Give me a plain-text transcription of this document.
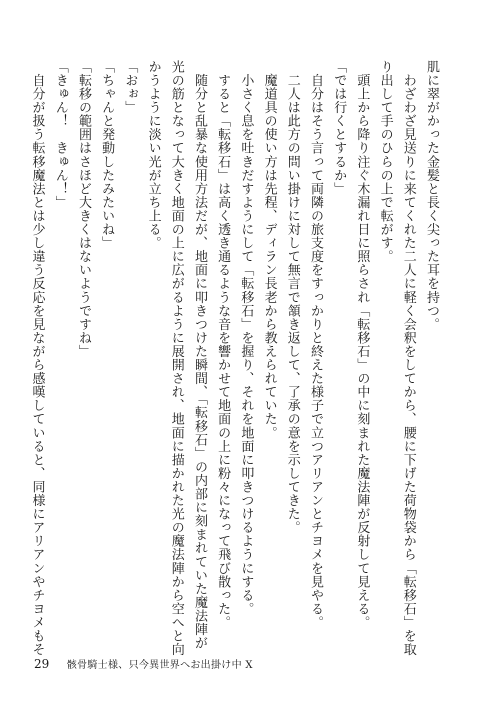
肌に翠がかった金髪と長く尖った耳を持つ。
　わざわざ見送りに来てくれた二人に軽く会釈をしてから、腰に下げた荷物袋から「転移石」を取
り出して手のひらの上で転がす。
　頭上から降り注ぐ木漏れ日に照らされ「転移石」の中に刻まれた魔法陣が反射して見える。
「では行くとするか」
　自分はそう言って両隣の旅支度をすっかりと終えた様子で立つアリアンとチヨメを見やる。
　二人は此方の問い掛けに対して無言で頷き返して、了承の意を示してきた。
　魔道具の使い方は先程、ディラン長老から教えられていた。
　小さく息を吐きだすようにして「転移石」を握り、それを地面に叩きつけるようにする。
　すると「転移石」は高く透き通るような音を響かせて地面の上に粉々になって飛び散った。
　随分と乱暴な使用方法だが、地面に叩きつけた瞬間、「転移石」の内部に刻まれていた魔法陣が
光の筋となって大きく地面の上に広がるように展開され、地面に描かれた光の魔法陣から空へと向
かうように淡い光が立ち上る。
「おぉ」
「ちゃんと発動したみたいね」
「転移の範囲はさほど大きくはないようですね」
「きゅん！　きゅん！」
　自分が扱う転移魔法とは少し違う反応を見ながら感嘆していると、同様にアリアンやチヨメもそ
29 骸骨騎士様、只今異世界へお出掛け中 Ⅹ
